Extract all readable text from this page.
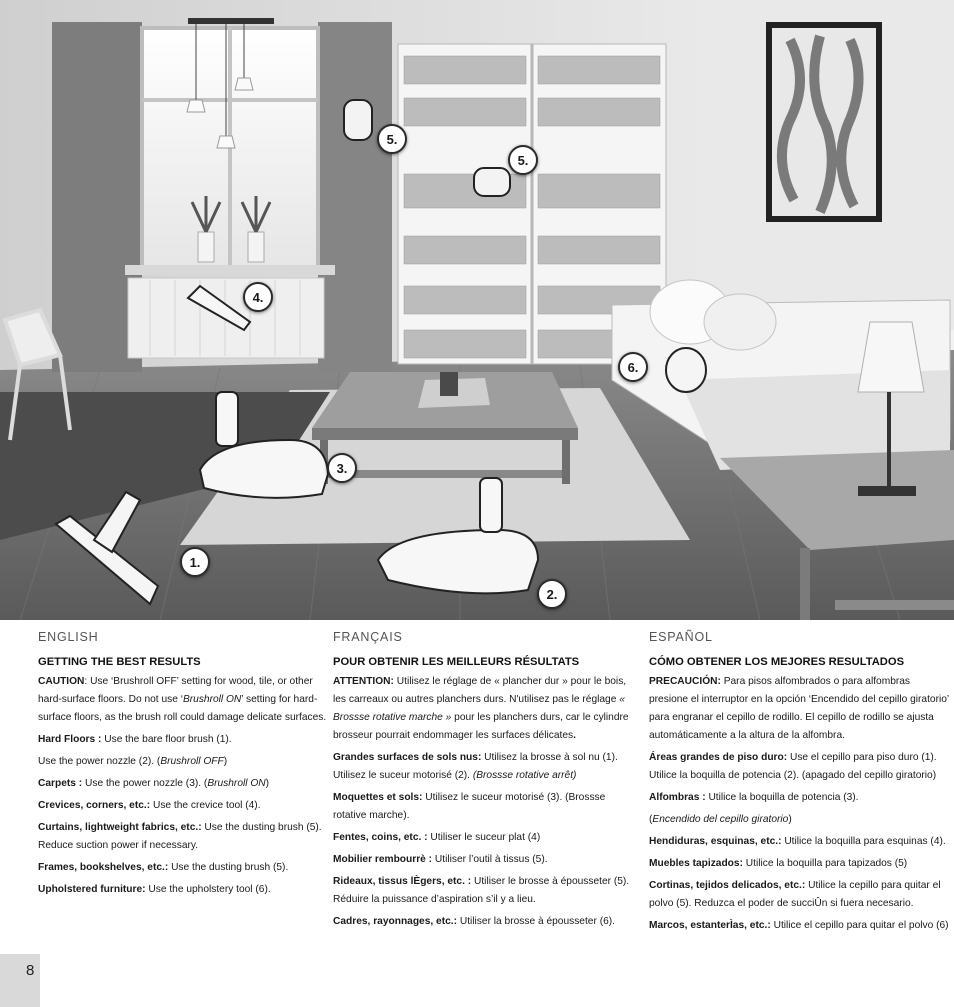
1.
2.
3.
4.
5.
5.
6.
ENGLISH
GETTING THE BEST RESULTS

CAUTION: Use ‘Brushroll OFF’ setting for wood, tile, or other hard-surface floors. Do not use ‘Brushroll ON’ setting for hard-surface floors, as the brush roll could damage delicate surfaces.

Hard Floors : Use the bare floor brush (1).

Use the power nozzle (2). (Brushroll OFF)

Carpets : Use the power nozzle (3). (Brushroll ON)

Crevices, corners, etc.: Use the crevice tool (4).

Curtains, lightweight fabrics, etc.: Use the dusting brush (5). Reduce suction power if necessary.

Frames, bookshelves, etc.: Use the dusting brush (5).

Upholstered furniture: Use the upholstery tool (6).

FRANÇAIS
POUR OBTENIR LES MEILLEURS RÉSULTATS

ATTENTION: Utilisez le réglage de « plancher dur » pour le bois, les carreaux ou autres planchers durs. N'utilisez pas le réglage « Brossse rotative marche » pour les planchers durs, car le cylindre brosseur pourrait endommager les surfaces délicates.

Grandes surfaces de sols nus: Utilisez la brosse à sol nu (1). Utilisez le suceur motorisé (2). (Brossse rotative arrêt)

Moquettes et sols: Utilisez le suceur motorisé (3). (Brossse rotative marche).

Fentes, coins, etc. : Utiliser le suceur plat (4)

Mobilier rembourrè : Utiliser l’outil à tissus (5).

Rideaux, tissus lÈgers, etc. : Utiliser le brosse à épousseter (5). Réduire la puissance d’aspiration s’il y a lieu.

Cadres, rayonnages, etc.: Utiliser la brosse à épousseter (6).

ESPAÑOL
CÓMO OBTENER LOS MEJORES RESULTADOS

PRECAUCIÓN: Para pisos alfombrados o para alfombras presione el interruptor en la opción ‘Encendido del cepillo giratorio’ para engranar el cepillo de rodillo. El cepillo de rodillo se ajusta automáticamente a la altura de la alfombra.

Áreas grandes de piso duro: Use el cepillo para piso duro (1). Utilice la boquilla de potencia (2). (apagado del cepillo giratorio)

Alfombras : Utilice la boquilla de potencia (3).

(Encendido del cepillo giratorio)

Hendiduras, esquinas, etc.: Utilice la boquilla para esquinas (4).

Muebles tapizados: Utilice la boquilla para tapizados (5)

Cortinas, tejidos delicados, etc.: Utilice la cepillo para quitar el polvo (5). Reduzca el poder de succiÛn si fuera necesario.

Marcos, estanterÌas, etc.: Utilice el cepillo para quitar el polvo (6)

8
